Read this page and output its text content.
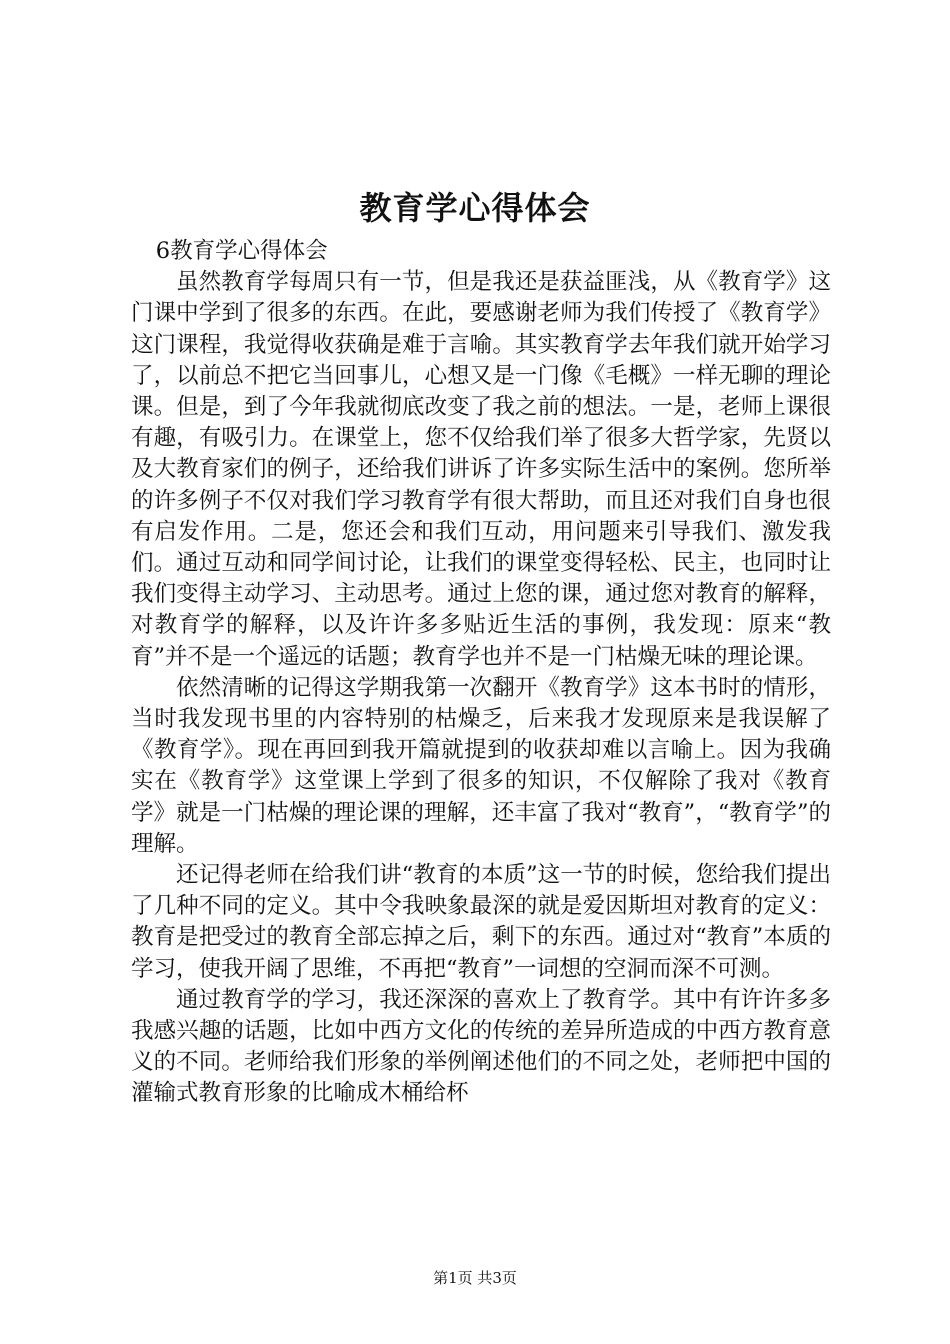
教育学心得体会

6教育学心得体会

虽然教育学每周只有一节，但是我还是获益匪浅，从《教育学》这门课中学到了很多的东西。在此，要感谢老师为我们传授了《教育学》这门课程，我觉得收获确是难于言喻。其实教育学去年我们就开始学习了，以前总不把它当回事儿，心想又是一门像《毛概》一样无聊的理论课。但是，到了今年我就彻底改变了我之前的想法。一是，老师上课很有趣，有吸引力。在课堂上，您不仅给我们举了很多大哲学家，先贤以及大教育家们的例子，还给我们讲诉了许多实际生活中的案例。您所举的许多例子不仅对我们学习教育学有很大帮助，而且还对我们自身也很有启发作用。二是，您还会和我们互动，用问题来引导我们、激发我们。通过互动和同学间讨论，让我们的课堂变得轻松、民主，也同时让我们变得主动学习、主动思考。通过上您的课，通过您对教育的解释，对教育学的解释，以及许许多多贴近生活的事例，我发现：原来“教育”并不是一个遥远的话题；教育学也并不是一门枯燥无味的理论课。

依然清晰的记得这学期我第一次翻开《教育学》这本书时的情形，当时我发现书里的内容特别的枯燥乏，后来我才发现原来是我误解了《教育学》。现在再回到我开篇就提到的收获却难以言喻上。因为我确实在《教育学》这堂课上学到了很多的知识，不仅解除了我对《教育学》就是一门枯燥的理论课的理解，还丰富了我对“教育”，“教育学”的理解。

还记得老师在给我们讲“教育的本质”这一节的时候，您给我们提出了几种不同的定义。其中令我映象最深的就是爱因斯坦对教育的定义：教育是把受过的教育全部忘掉之后，剩下的东西。通过对“教育”本质的学习，使我开阔了思维，不再把“教育”一词想的空洞而深不可测。

通过教育学的学习，我还深深的喜欢上了教育学。其中有许许多多我感兴趣的话题，比如中西方文化的传统的差异所造成的中西方教育意义的不同。老师给我们形象的举例阐述他们的不同之处，老师把中国的灌输式教育形象的比喻成木桶给杯

第1页 共3页
